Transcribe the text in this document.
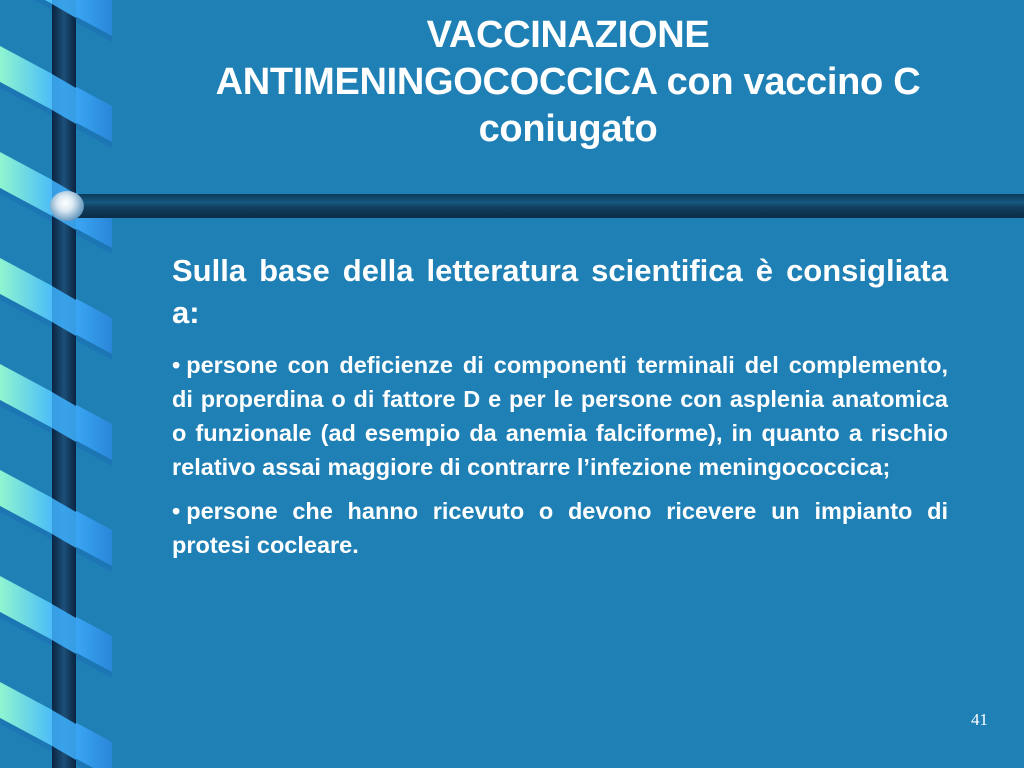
VACCINAZIONE
ANTIMENINGOCOCCICA con vaccino C
coniugato

Sulla base della letteratura scientifica è consigliata a:

• persone con deficienze di componenti terminali del complemento, di properdina o di fattore D e per le persone con asplenia anatomica o funzionale (ad esempio da anemia falciforme), in quanto a rischio relativo assai maggiore di contrarre l’infezione meningococcica;

• persone che hanno ricevuto o devono ricevere un impianto di protesi cocleare.

41
